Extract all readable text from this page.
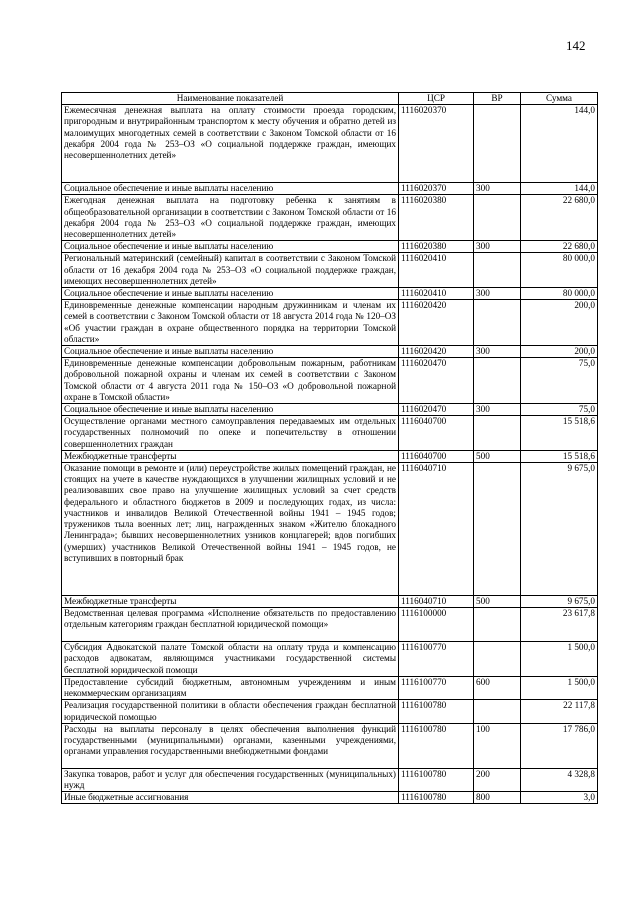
142
Наименование показателей	ЦСР	ВР	Сумма
Ежемесячная денежная выплата на оплату стоимости проезда городским, пригородным и внутрирайонным транспортом к месту обучения и обратно детей из малоимущих многодетных семей в соответствии с Законом Томской области от 16 декабря 2004 года № 253–ОЗ «О социальной поддержке граждан, имеющих несовершеннолетних детей»	1116020370		144,0
Социальное обеспечение и иные выплаты населению	1116020370	300	144,0
Ежегодная денежная выплата на подготовку ребенка к занятиям в общеобразовательной организации в соответствии с Законом Томской области от 16 декабря 2004 года № 253–ОЗ «О социальной поддержке граждан, имеющих несовершеннолетних детей»	1116020380		22 680,0
Социальное обеспечение и иные выплаты населению	1116020380	300	22 680,0
Региональный материнский (семейный) капитал в соответствии с Законом Томской области от 16 декабря 2004 года № 253–ОЗ «О социальной поддержке граждан, имеющих несовершеннолетних детей»	1116020410		80 000,0
Социальное обеспечение и иные выплаты населению	1116020410	300	80 000,0
Единовременные денежные компенсации народным дружинникам и членам их семей в соответствии с Законом Томской области от 18 августа 2014 года № 120–ОЗ «Об участии граждан в охране общественного порядка на территории Томской области»	1116020420		200,0
Социальное обеспечение и иные выплаты населению	1116020420	300	200,0
Единовременные денежные компенсации добровольным пожарным, работникам добровольной пожарной охраны и членам их семей в соответствии с Законом Томской области от 4 августа 2011 года № 150–ОЗ «О добровольной пожарной охране в Томской области»	1116020470		75,0
Социальное обеспечение и иные выплаты населению	1116020470	300	75,0
Осуществление органами местного самоуправления передаваемых им отдельных государственных полномочий по опеке и попечительству в отношении совершеннолетних граждан	1116040700		15 518,6
Межбюджетные трансферты	1116040700	500	15 518,6
Оказание помощи в ремонте и (или) переустройстве жилых помещений граждан, не стоящих на учете в качестве нуждающихся в улучшении жилищных условий и не реализовавших свое право на улучшение жилищных условий за счет средств федерального и областного бюджетов в 2009 и последующих годах, из числа: участников и инвалидов Великой Отечественной войны 1941 – 1945 годов; тружеников тыла военных лет; лиц, награжденных знаком «Жителю блокадного Ленинграда»; бывших несовершеннолетних узников концлагерей; вдов погибших (умерших) участников Великой Отечественной войны 1941 – 1945 годов, не вступивших в повторный брак	1116040710		9 675,0
Межбюджетные трансферты	1116040710	500	9 675,0
Ведомственная целевая программа «Исполнение обязательств по предоставлению отдельным категориям граждан бесплатной юридической помощи»	1116100000		23 617,8
Субсидия Адвокатской палате Томской области на оплату труда и компенсацию расходов адвокатам, являющимся участниками государственной системы бесплатной юридической помощи	1116100770		1 500,0
Предоставление субсидий бюджетным, автономным учреждениям и иным некоммерческим организациям	1116100770	600	1 500,0
Реализация государственной политики в области обеспечения граждан бесплатной юридической помощью	1116100780		22 117,8
Расходы на выплаты персоналу в целях обеспечения выполнения функций государственными (муниципальными) органами, казенными учреждениями, органами управления государственными внебюджетными фондами	1116100780	100	17 786,0
Закупка товаров, работ и услуг для обеспечения государственных (муниципальных) нужд	1116100780	200	4 328,8
Иные бюджетные ассигнования	1116100780	800	3,0
